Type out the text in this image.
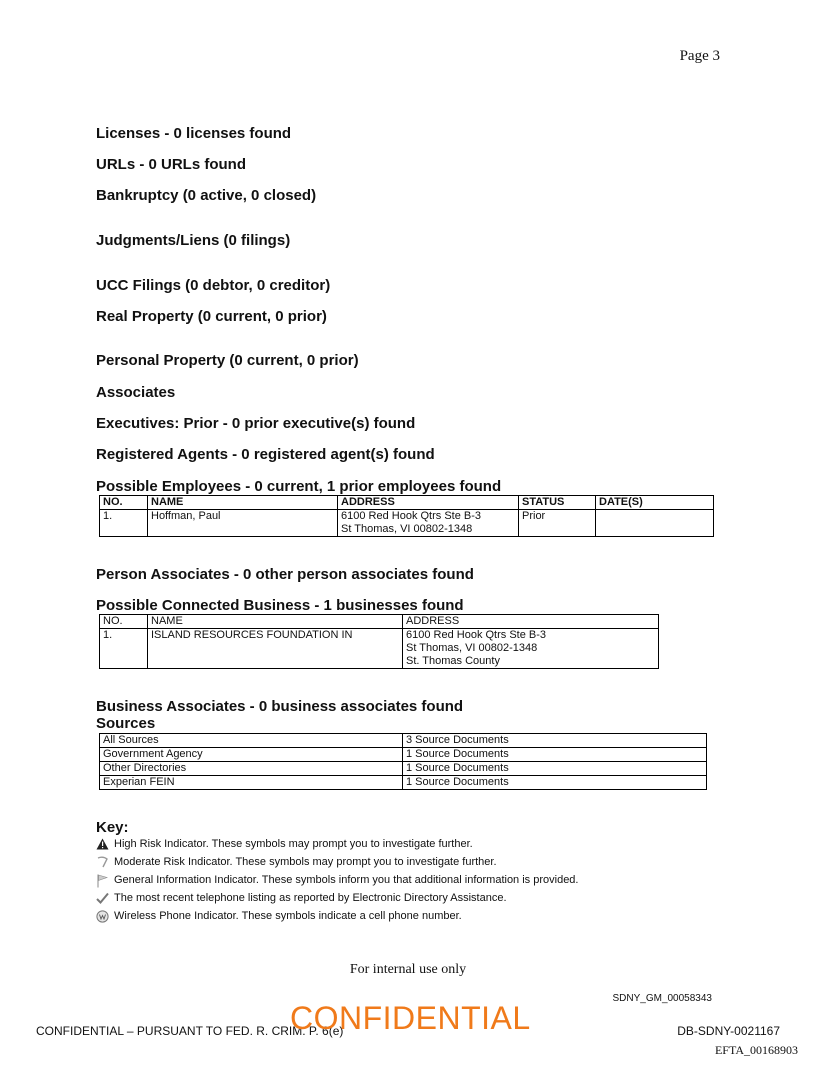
Page 3
Licenses - 0 licenses found
URLs - 0 URLs found
Bankruptcy (0 active, 0 closed)
Judgments/Liens (0 filings)
UCC Filings (0 debtor, 0 creditor)
Real Property (0 current, 0 prior)
Personal Property (0 current, 0 prior)
Associates
Executives: Prior - 0 prior executive(s) found
Registered Agents - 0 registered agent(s) found
Possible Employees - 0 current, 1 prior employees found
NO.	NAME	ADDRESS	STATUS	DATE(S)
1.	Hoffman, Paul	6100 Red Hook Qtrs Ste B-3
St Thomas, VI 00802-1348	Prior	
Person Associates - 0 other person associates found
Possible Connected Business - 1 businesses found
NO.	NAME	ADDRESS
1.	ISLAND RESOURCES FOUNDATION IN	6100 Red Hook Qtrs Ste B-3
St Thomas, VI 00802-1348
St. Thomas County
Business Associates - 0 business associates found
Sources
All Sources	3 Source Documents
Government Agency	1 Source Documents
Other Directories	1 Source Documents
Experian FEIN	1 Source Documents
Key:
High Risk Indicator. These symbols may prompt you to investigate further.
Moderate Risk Indicator. These symbols may prompt you to investigate further.
General Information Indicator. These symbols inform you that additional information is provided.
The most recent telephone listing as reported by Electronic Directory Assistance.
Wireless Phone Indicator. These symbols indicate a cell phone number.
For internal use only
SDNY_GM_00058343
CONFIDENTIAL – PURSUANT TO FED. R. CRIM. P. 6(e)
CONFIDENTIAL	DB-SDNY-0021167
EFTA_00168903
